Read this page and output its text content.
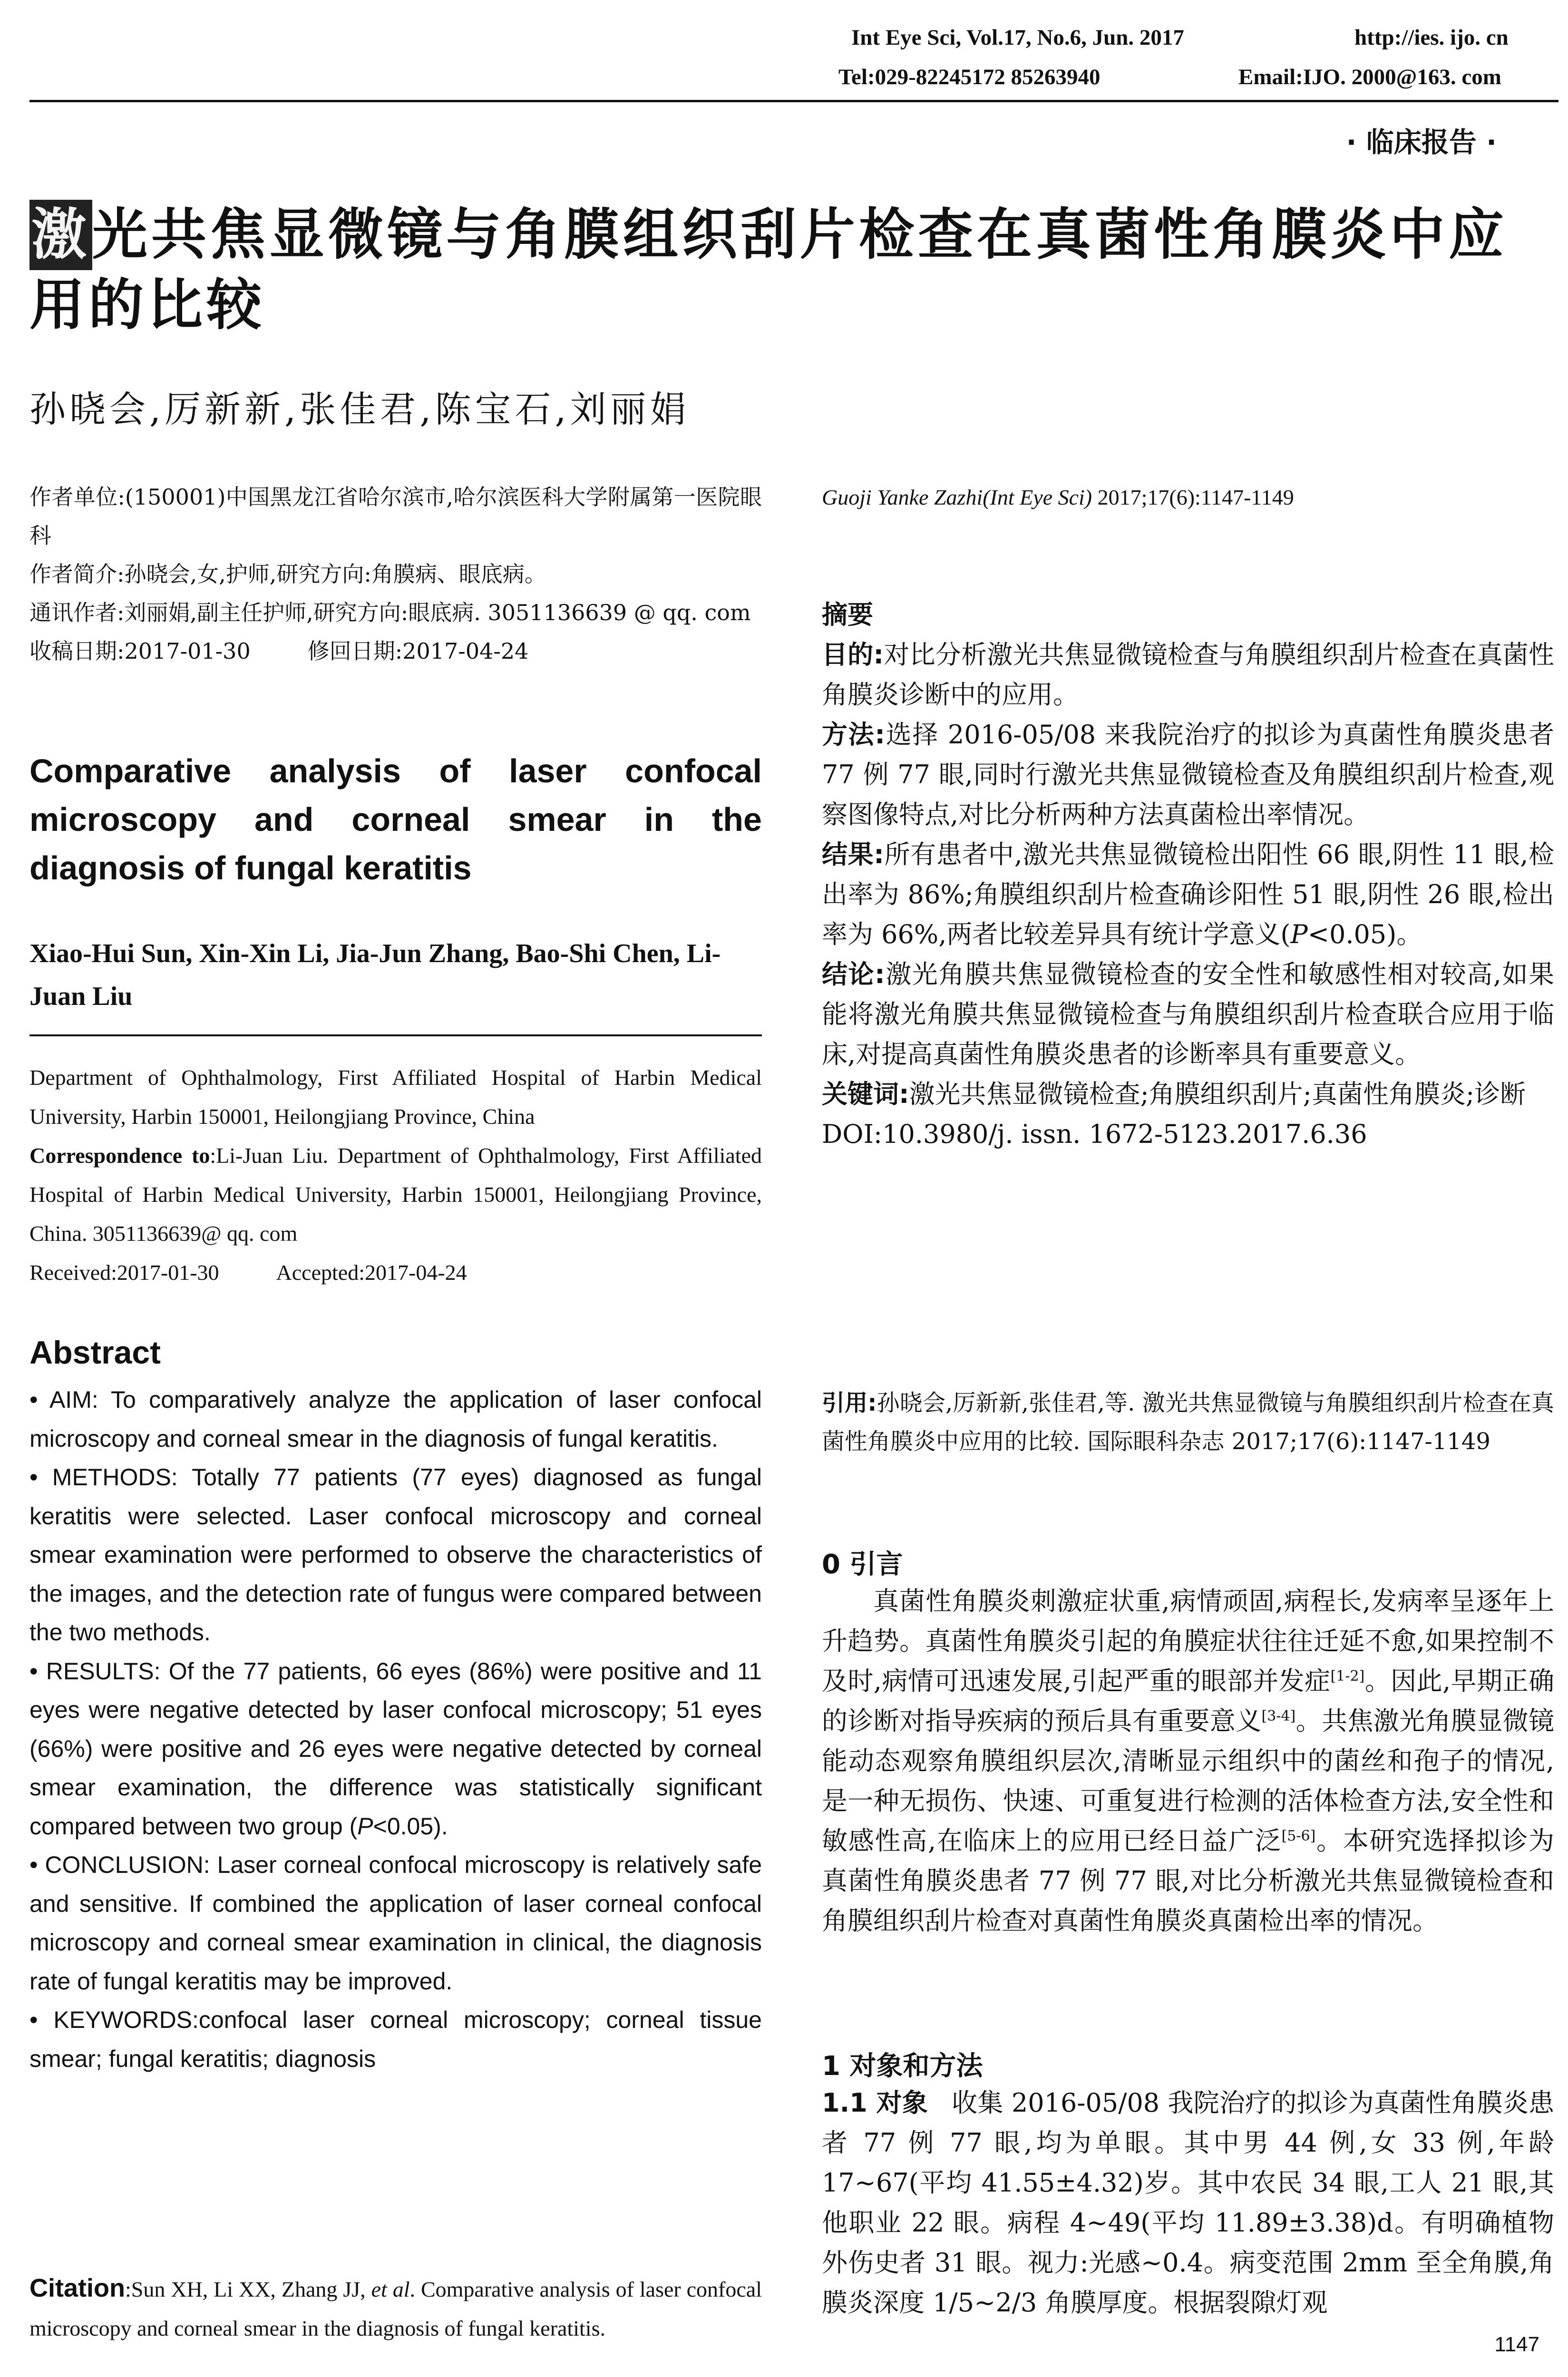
Int Eye Sci, Vol.17, No.6, Jun. 2017	http://ies. ijo. cn
Tel:029-82245172 85263940	Email:IJO. 2000@163. com
· 临床报告 ·
激光共焦显微镜与角膜组织刮片检查在真菌性角膜炎中应用的比较
孙晓会,厉新新,张佳君,陈宝石,刘丽娟
作者单位:(150001)中国黑龙江省哈尔滨市,哈尔滨医科大学附属第一医院眼科
作者简介:孙晓会,女,护师,研究方向:角膜病、眼底病。
通讯作者:刘丽娟,副主任护师,研究方向:眼底病. 3051136639 @ qq. com
收稿日期:2017-01-30	修回日期:2017-04-24
Comparative analysis of laser confocal microscopy and corneal smear in the diagnosis of fungal keratitis
Xiao-Hui Sun, Xin-Xin Li, Jia-Jun Zhang, Bao-Shi Chen, Li-Juan Liu
Department of Ophthalmology, First Affiliated Hospital of Harbin Medical University, Harbin 150001, Heilongjiang Province, China
Correspondence to:Li-Juan Liu. Department of Ophthalmology, First Affiliated Hospital of Harbin Medical University, Harbin 150001, Heilongjiang Province, China. 3051136639@ qq. com
Received:2017-01-30	Accepted:2017-04-24
Abstract

• AIM: To comparatively analyze the application of laser confocal microscopy and corneal smear in the diagnosis of fungal keratitis.

• METHODS: Totally 77 patients (77 eyes) diagnosed as fungal keratitis were selected. Laser confocal microscopy and corneal smear examination were performed to observe the characteristics of the images, and the detection rate of fungus were compared between the two methods.

• RESULTS: Of the 77 patients, 66 eyes (86%) were positive and 11 eyes were negative detected by laser confocal microscopy; 51 eyes (66%) were positive and 26 eyes were negative detected by corneal smear examination, the difference was statistically significant compared between two group (P<0.05).

• CONCLUSION: Laser corneal confocal microscopy is relatively safe and sensitive. If combined the application of laser corneal confocal microscopy and corneal smear examination in clinical, the diagnosis rate of fungal keratitis may be improved.

• KEYWORDS:confocal laser corneal microscopy; corneal tissue smear; fungal keratitis; diagnosis

Citation:Sun XH, Li XX, Zhang JJ, et al. Comparative analysis of laser confocal microscopy and corneal smear in the diagnosis of fungal keratitis.
Guoji Yanke Zazhi(Int Eye Sci) 2017;17(6):1147-1149
摘要

目的:对比分析激光共焦显微镜检查与角膜组织刮片检查在真菌性角膜炎诊断中的应用。

方法:选择 2016-05/08 来我院治疗的拟诊为真菌性角膜炎患者 77 例 77 眼,同时行激光共焦显微镜检查及角膜组织刮片检查,观察图像特点,对比分析两种方法真菌检出率情况。

结果:所有患者中,激光共焦显微镜检出阳性 66 眼,阴性 11 眼,检出率为 86%;角膜组织刮片检查确诊阳性 51 眼,阴性 26 眼,检出率为 66%,两者比较差异具有统计学意义(P<0.05)。

结论:激光角膜共焦显微镜检查的安全性和敏感性相对较高,如果能将激光角膜共焦显微镜检查与角膜组织刮片检查联合应用于临床,对提高真菌性角膜炎患者的诊断率具有重要意义。

关键词:激光共焦显微镜检查;角膜组织刮片;真菌性角膜炎;诊断

DOI:10.3980/j. issn. 1672-5123.2017.6.36

引用:孙晓会,厉新新,张佳君,等. 激光共焦显微镜与角膜组织刮片检查在真菌性角膜炎中应用的比较. 国际眼科杂志 2017;17(6):1147-1149
0 引言
真菌性角膜炎刺激症状重,病情顽固,病程长,发病率呈逐年上升趋势。真菌性角膜炎引起的角膜症状往往迁延不愈,如果控制不及时,病情可迅速发展,引起严重的眼部并发症[1-2]。因此,早期正确的诊断对指导疾病的预后具有重要意义[3-4]。共焦激光角膜显微镜能动态观察角膜组织层次,清晰显示组织中的菌丝和孢子的情况,是一种无损伤、快速、可重复进行检测的活体检查方法,安全性和敏感性高,在临床上的应用已经日益广泛[5-6]。本研究选择拟诊为真菌性角膜炎患者 77 例 77 眼,对比分析激光共焦显微镜检查和角膜组织刮片检查对真菌性角膜炎真菌检出率的情况。
1 对象和方法
1.1 对象 收集 2016-05/08 我院治疗的拟诊为真菌性角膜炎患者 77 例 77 眼,均为单眼。其中男 44 例,女 33 例,年龄 17~67(平均 41.55±4.32)岁。其中农民 34 眼,工人 21 眼,其他职业 22 眼。病程 4~49(平均 11.89±3.38)d。有明确植物外伤史者 31 眼。视力:光感~0.4。病变范围 2mm 至全角膜,角膜炎深度 1/5~2/3 角膜厚度。根据裂隙灯观
1147
